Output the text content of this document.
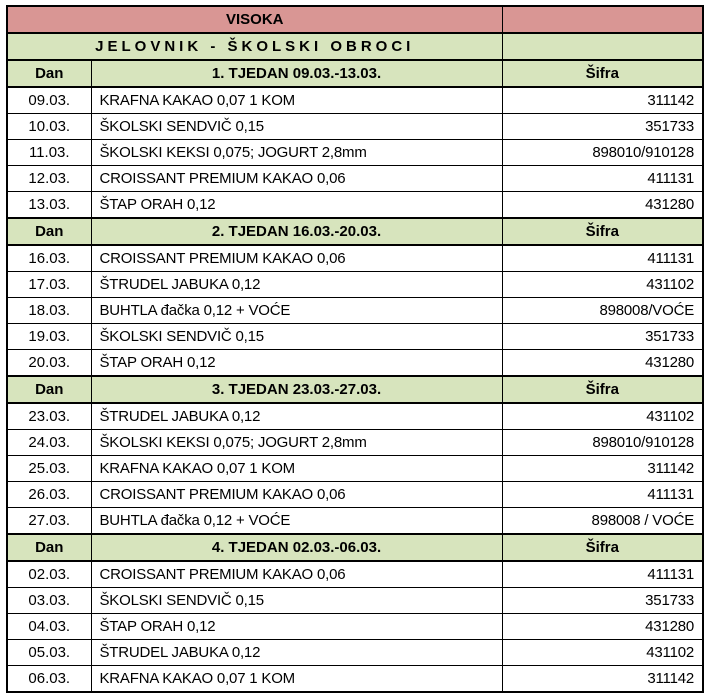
VISOKA		
JELOVNIK - ŠKOLSKI OBROCI		
Dan	1. TJEDAN 09.03.-13.03.	Šifra
09.03.	KRAFNA KAKAO 0,07 1 KOM	311142
10.03.	ŠKOLSKI SENDVIČ 0,15	351733
11.03.	ŠKOLSKI KEKSI 0,075; JOGURT 2,8mm	898010/910128
12.03.	CROISSANT PREMIUM KAKAO 0,06	411131
13.03.	ŠTAP ORAH 0,12	431280
Dan	2. TJEDAN 16.03.-20.03.	Šifra
16.03.	CROISSANT PREMIUM KAKAO 0,06	411131
17.03.	ŠTRUDEL JABUKA 0,12	431102
18.03.	BUHTLA đačka 0,12 + VOĆE	898008/VOĆE
19.03.	ŠKOLSKI SENDVIČ 0,15	351733
20.03.	ŠTAP ORAH 0,12	431280
Dan	3. TJEDAN 23.03.-27.03.	Šifra
23.03.	ŠTRUDEL JABUKA 0,12	431102
24.03.	ŠKOLSKI KEKSI 0,075; JOGURT 2,8mm	898010/910128
25.03.	KRAFNA KAKAO 0,07 1 KOM	311142
26.03.	CROISSANT PREMIUM KAKAO 0,06	411131
27.03.	BUHTLA đačka 0,12 + VOĆE	898008 / VOĆE
Dan	4. TJEDAN 02.03.-06.03.	Šifra
02.03.	CROISSANT PREMIUM KAKAO 0,06	411131
03.03.	ŠKOLSKI SENDVIČ 0,15	351733
04.03.	ŠTAP ORAH 0,12	431280
05.03.	ŠTRUDEL JABUKA 0,12	431102
06.03.	KRAFNA KAKAO 0,07 1 KOM	311142
